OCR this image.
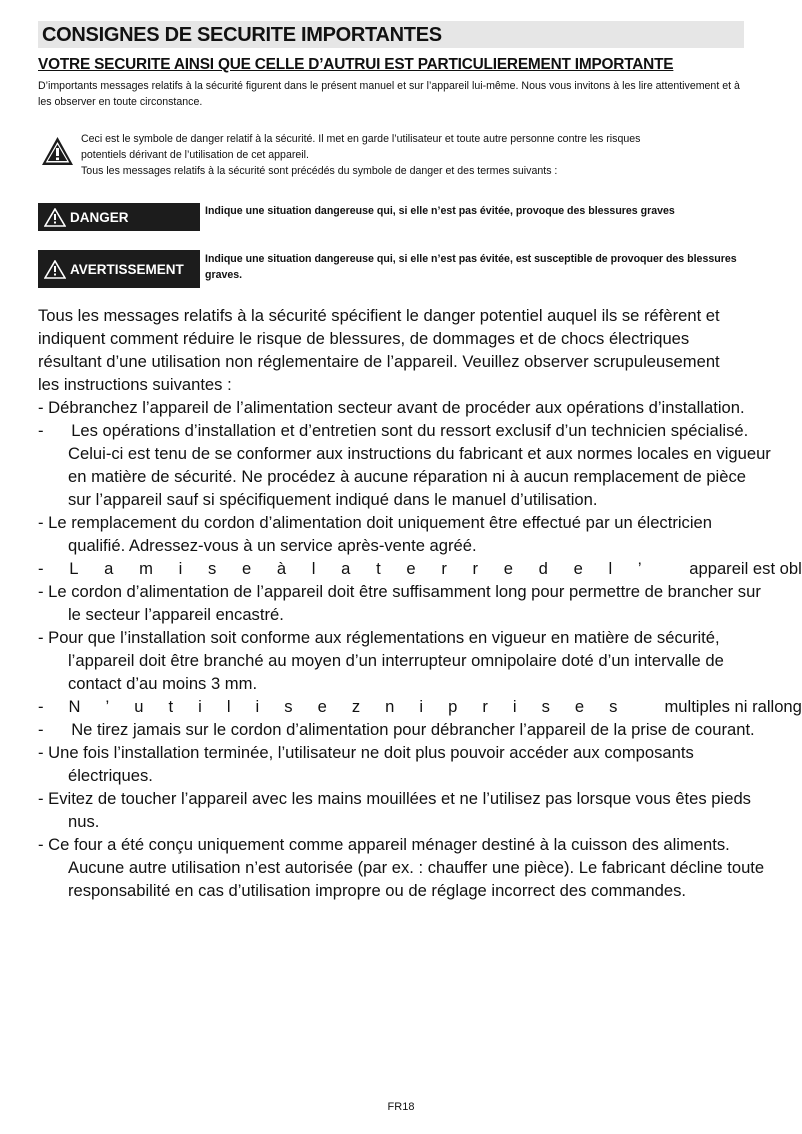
CONSIGNES DE SECURITE IMPORTANTES
VOTRE SECURITE AINSI QUE CELLE D’AUTRUI EST PARTICULIEREMENT IMPORTANTE
D’importants messages relatifs à la sécurité figurent dans le présent manuel et sur l’appareil lui-même. Nous vous invitons à les lire attentivement et à les observer en toute circonstance.
Ceci est le symbole de danger relatif à la sécurité. Il met en garde l’utilisateur et toute autre personne contre les risques
potentiels dérivant de l’utilisation de cet appareil.
Tous les messages relatifs à la sécurité sont précédés du symbole de danger et des termes suivants :
DANGER	Indique une situation dangereuse qui, si elle n’est pas évitée, provoque des blessures graves
AVERTISSEMENT
Indique une situation dangereuse qui, si elle n’est pas évitée, est susceptible de provoquer des blessures graves.

Tous les messages relatifs à la sécurité spécifient le danger potentiel auquel ils se réfèrent et indiquent comment réduire le risque de blessures, de dommages et de chocs électriques résultant d’une utilisation non réglementaire de l’appareil. Veuillez observer scrupuleusement les instructions suivantes :

- Débranchez l’appareil de l’alimentation secteur avant de procéder aux opérations d’installation.

-      Les opérations d’installation et d’entretien sont du ressort exclusif d’un technicien spécialisé. Celui-ci est tenu de se conformer aux instructions du fabricant et aux normes locales en vigueur en matière de sécurité. Ne procédez à aucune réparation ni à aucun remplacement de pièce sur l’appareil sauf si spécifiquement indiqué dans le manuel d’utilisation.

- Le remplacement du cordon d’alimentation doit uniquement être effectué par un électricien qualifié. Adressez-vous à un service après-vente agréé.

- L a m i s e à l a t e r r e d e l ’	appareil est obl

- Le cordon d’alimentation de l’appareil doit être suffisamment long pour permettre de brancher sur le secteur l’appareil encastré.

- Pour que l’installation soit conforme aux réglementations en vigueur en matière de sécurité, l’appareil doit être branché au moyen d’un interrupteur omnipolaire doté d’un intervalle de contact d’au moins 3 mm.

- N ’ u t i l i s e z n i p r i s e s	multiples ni rallong

-      Ne tirez jamais sur le cordon d’alimentation pour débrancher l’appareil de la prise de courant.

- Une fois l’installation terminée, l’utilisateur ne doit plus pouvoir accéder aux composants électriques.

- Evitez de toucher l’appareil avec les mains mouillées et ne l’utilisez pas lorsque vous êtes pieds nus.

- Ce four a été conçu uniquement comme appareil ménager destiné à la cuisson des aliments. Aucune autre utilisation n’est autorisée (par ex. : chauffer une pièce). Le fabricant décline toute responsabilité en cas d’utilisation impropre ou de réglage incorrect des commandes.

FR18
